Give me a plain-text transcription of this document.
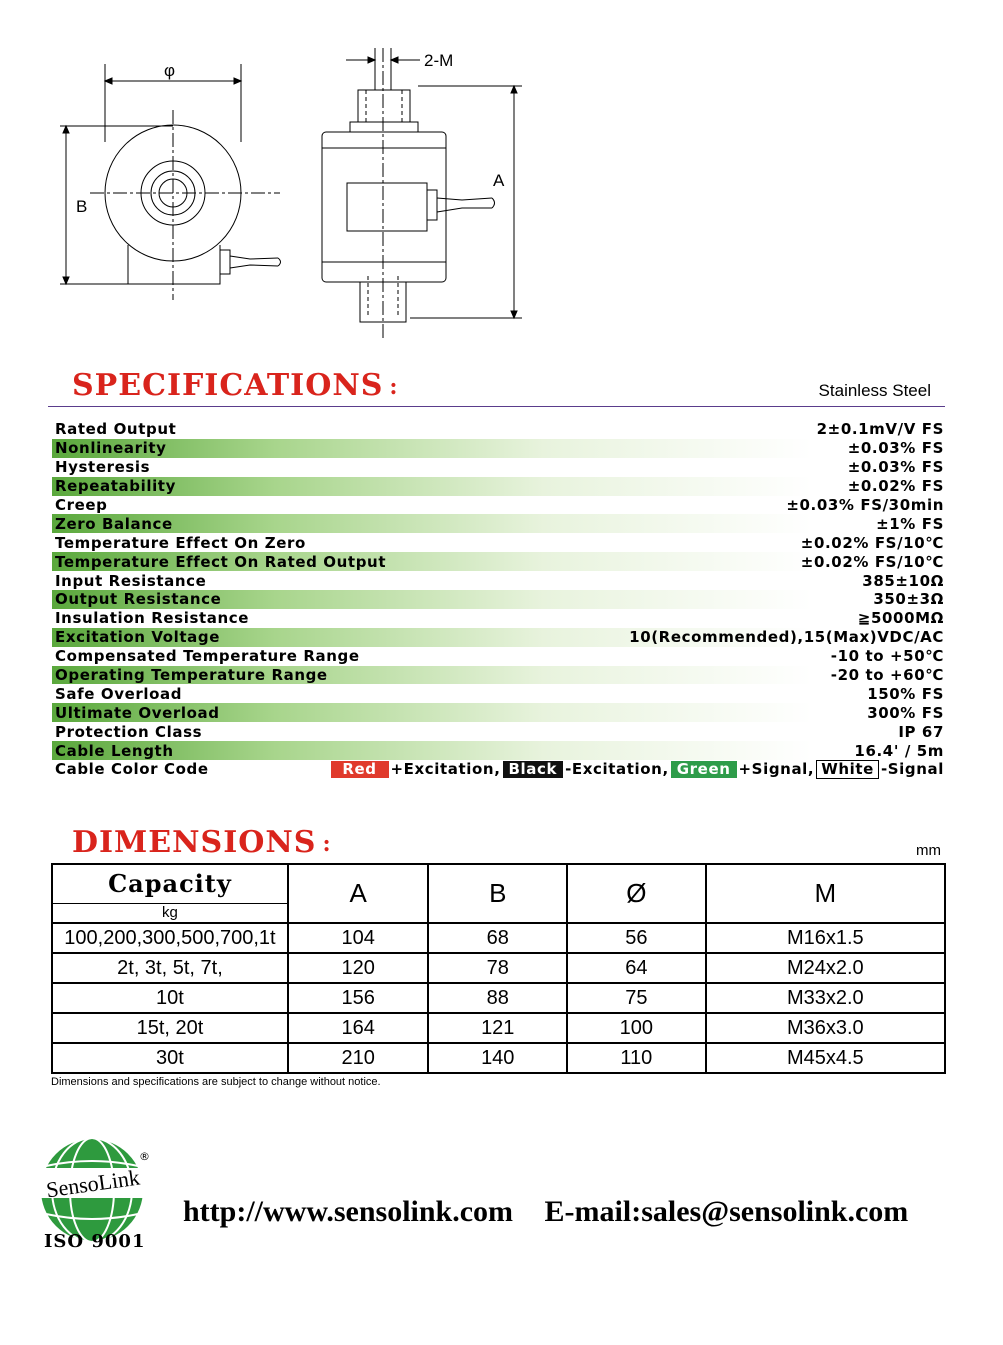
φ
B
A
2-M
SPECIFICATIONS :	Stainless Steel
Rated Output	2±0.1mV/V FS
Nonlinearity	±0.03% FS
Hysteresis	±0.03% FS
Repeatability	±0.02% FS
Creep	±0.03% FS/30min
Zero Balance	±1% FS
Temperature Effect On Zero	±0.02% FS/10℃
Temperature Effect On Rated Output	±0.02% FS/10℃
Input Resistance	385±10Ω
Output Resistance	350±3Ω
Insulation Resistance	≧5000MΩ
Excitation Voltage	10(Recommended),15(Max)VDC/AC
Compensated Temperature Range	-10 to +50℃
Operating Temperature Range	-20 to +60℃
Safe Overload	150% FS
Ultimate Overload	300% FS
Protection Class	IP 67
Cable Length	16.4' / 5m
Cable Color Code	Red +Excitation, Black -Excitation, Green +Signal, White -Signal
DIMENSIONS :	mm
Capacity
kg	A	B	Ø	M
100,200,300,500,700,1t	104	68	56	M16x1.5
2t, 3t, 5t, 7t,	120	78	64	M24x2.0
10t	156	88	75	M33x2.0
15t, 20t	164	121	100	M36x3.0
30t	210	140	110	M45x4.5
Dimensions and specifications are subject to change without notice.
SensoLink
®
ISO 9001
http://www.sensolink.com E-mail:sales@sensolink.com
